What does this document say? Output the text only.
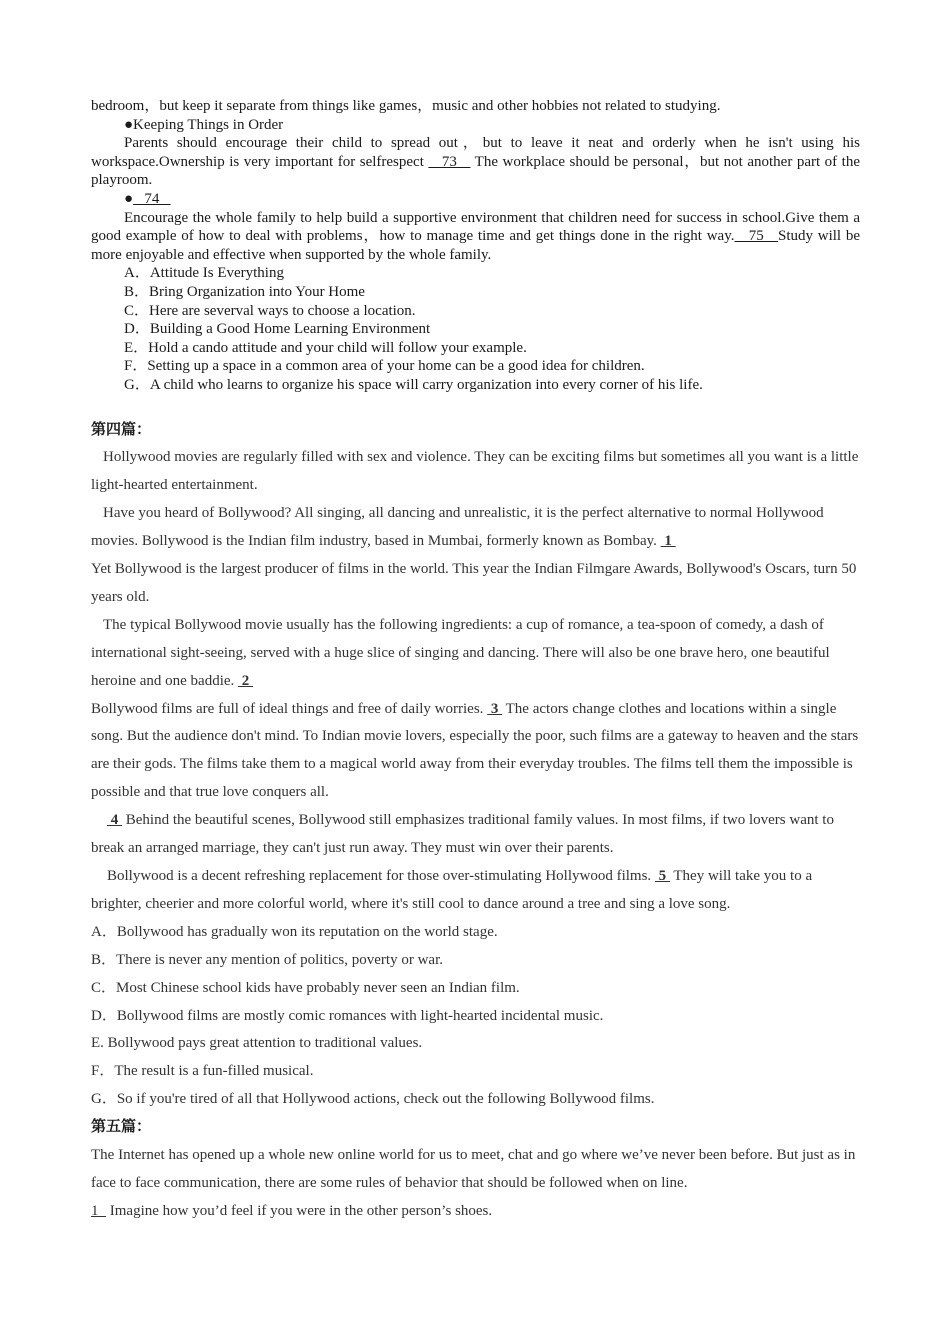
bedroom，but keep it separate from things like games，music and other hobbies not related to studying.

●Keeping Things in Order

Parents should encourage their child to spread out，but to leave it neat and orderly when he isn't using his workspace.Ownership is very important for selfrespect    73    The workplace should be personal，but not another part of the playroom.

●   74

Encourage the whole family to help build a supportive environment that children need for success in school.Give them a good example of how to deal with problems，how to manage time and get things done in the right way.   75   Study will be more enjoyable and effective when supported by the whole family.

A．Attitude Is Everything

B．Bring Organization into Your Home

C．Here are severval ways to choose a location.

D．Building a Good Home Learning Environment

E．Hold a cando attitude and your child will follow your example.

F．Setting up a space in a common area of your home can be a good idea for children.

G．A child who learns to organize his space will carry organization into every corner of his life.

第四篇：

Hollywood movies are regularly filled with sex and violence. They can be exciting films but sometimes all you want is a little light-hearted entertainment.

Have you heard of Bollywood? All singing, all dancing and unrealistic, it is the perfect alternative to normal Hollywood movies. Bollywood is the Indian film industry, based in Mumbai, formerly known as Bombay.  1
Yet Bollywood is the largest producer of films in the world. This year the Indian Filmgare Awards, Bollywood's Oscars, turn 50 years old.

The typical Bollywood movie usually has the following ingredients: a cup of romance, a tea-spoon of comedy, a dash of international sight-seeing, served with a huge slice of singing and dancing. There will also be one brave hero, one beautiful heroine and one baddie.  2

Bollywood films are full of ideal things and free of daily worries.  3  The actors change clothes and locations within a single song. But the audience don't mind. To Indian movie lovers, especially the poor, such films are a gateway to heaven and the stars are their gods. The films take them to a magical world away from their everyday troubles. The films tell them the impossible is possible and that true love conquers all.

4  Behind the beautiful scenes, Bollywood still emphasizes traditional family values. In most films, if two lovers want to break an arranged marriage, they can't just run away. They must win over their parents.

Bollywood is a decent refreshing replacement for those over-stimulating Hollywood films.  5  They will take you to a brighter, cheerier and more colorful world, where it's still cool to dance around a tree and sing a love song.

A．Bollywood has gradually won its reputation on the world stage.

B．There is never any mention of politics, poverty or war.

C．Most Chinese school kids have probably never seen an Indian film.

D．Bollywood films are mostly comic romances with light-hearted incidental music.

E. Bollywood pays great attention to traditional values.

F．The result is a fun-filled musical.

G．So if you're tired of all that Hollywood actions, check out the following Bollywood films.

第五篇：

The Internet has opened up a whole new online world for us to meet, chat and go where we’ve never been before. But just as in face to face communication, there are some rules of behavior that should be followed when on line.

1   Imagine how you’d feel if you were in the other person’s shoes.
